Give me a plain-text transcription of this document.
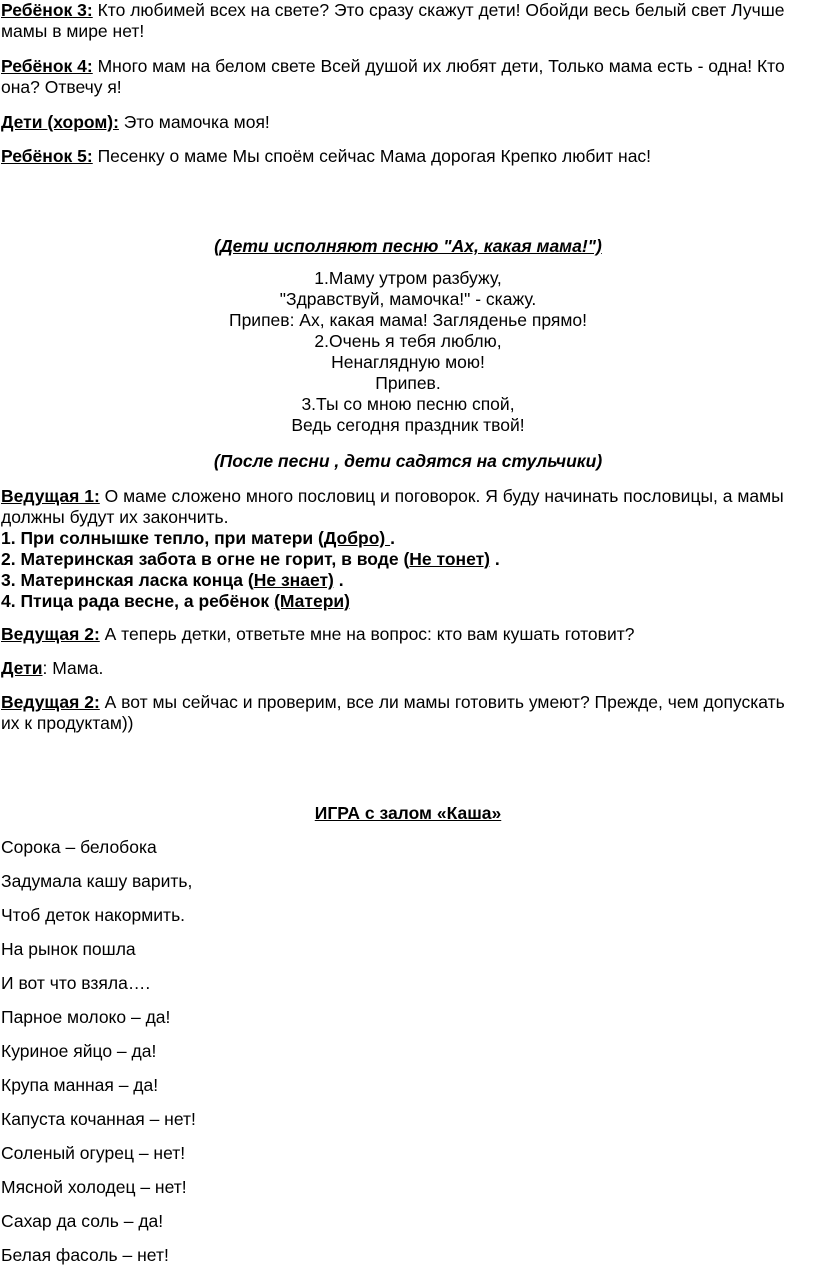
Ребёнок 3: Кто любимей всех на свете? Это сразу скажут дети! Обойди весь белый свет Лучше мамы в мире нет!

Ребёнок 4: Много мам на белом свете Всей душой их любят дети, Только мама есть - одна! Кто она? Отвечу я!

Дети (хором): Это мамочка моя!

Ребёнок 5: Песенку о маме Мы споём сейчас Мама дорогая Крепко любит нас!

(Дети исполняют песню "Ах, какая мама!")
1.Маму утром разбужу,
"Здравствуй, мамочка!" - скажу.
Припев: Ах, какая мама! Загляденье прямо!
2.Очень я тебя люблю,
Ненаглядную мою!
Припев.
3.Ты со мною песню спой,
Ведь сегодня праздник твой!
(После песни , дети садятся на стульчики)

Ведущая 1: О маме сложено много пословиц и поговорок. Я буду начинать пословицы, а мамы должны будут их закончить.

1. При солнышке тепло, при матери (Добро) .
2. Материнская забота в огне не горит, в воде (Не тонет) .
3. Материнская ласка конца (Не знает) .
4. Птица рада весне, а ребёнок (Матери)

Ведущая 2: А теперь детки, ответьте мне на вопрос: кто вам кушать готовит?

Дети: Мама.

Ведущая 2: А вот мы сейчас и проверим, все ли мамы готовить умеют? Прежде, чем допускать их к продуктам))

ИГРА с залом «Каша»
Сорока – белобока
Задумала кашу варить,
Чтоб деток накормить.
На рынок пошла
И вот что взяла….
Парное молоко – да!
Куриное яйцо – да!
Крупа манная – да!
Капуста кочанная – нет!
Соленый огурец – нет!
Мясной холодец – нет!
Сахар да соль – да!
Белая фасоль – нет!
